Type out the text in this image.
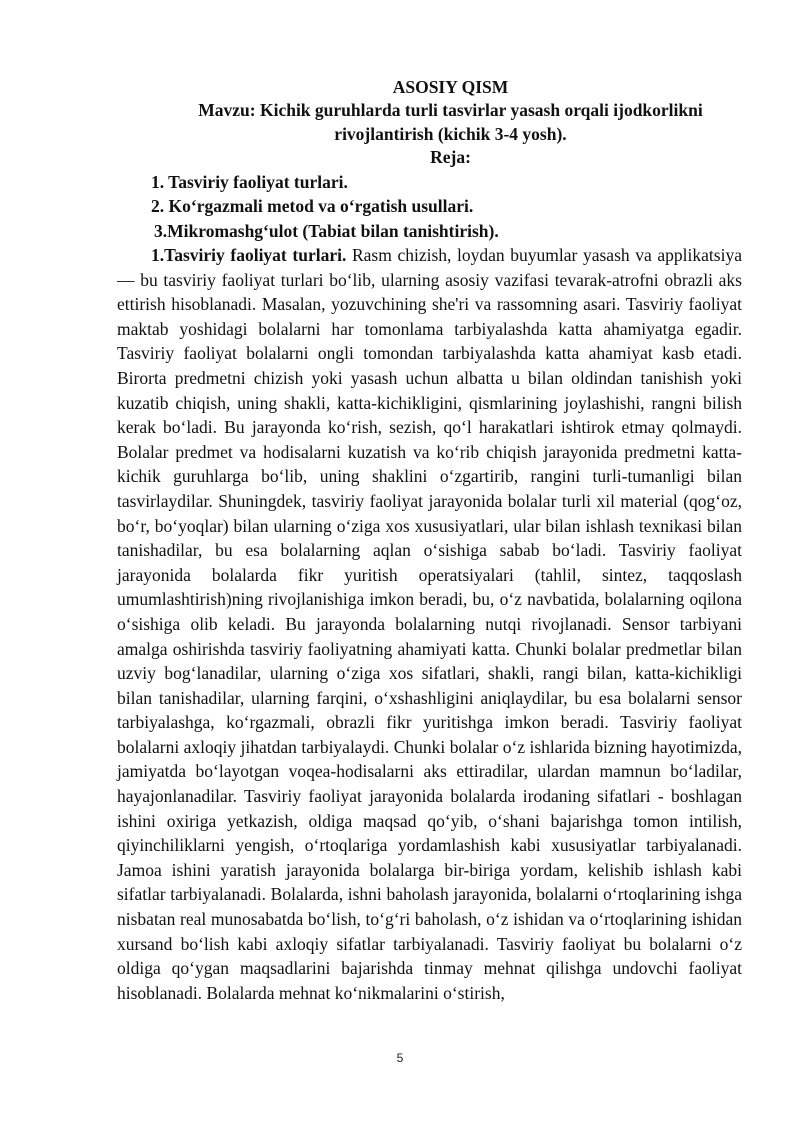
ASOSIY QISM

Mavzu: Kichik guruhlarda turli tasvirlar yasash orqali ijodkorlikni

rivojlantirish (kichik 3-4 yosh).

Reja:

1. Tasviriy faoliyat turlari.

2. Koʻrgazmali metod va oʻrgatish usullari.

3.Mikromashgʻulot (Tabiat bilan tanishtirish).

1.Tasviriy faoliyat turlari. Rasm chizish, loydan buyumlar yasash va applikatsiya — bu tasviriy faoliyat turlari boʻlib, ularning asosiy vazifasi tevarak-atrofni obrazli aks ettirish hisoblanadi. Masalan, yozuvchining she'ri va rassomning asari. Tasviriy faoliyat maktab yoshidagi bolalarni har tomonlama tarbiyalashda katta ahamiyatga egadir. Tasviriy faoliyat bolalarni ongli tomondan tarbiyalashda katta ahamiyat kasb etadi. Birorta predmetni chizish yoki yasash uchun albatta u bilan oldindan tanishish yoki kuzatib chiqish, uning shakli, katta-kichikligini, qismlarining joylashishi, rangni bilish kerak boʻladi. Bu jarayonda koʻrish, sezish, qoʻl harakatlari ishtirok etmay qolmaydi. Bolalar predmet va hodisalarni kuzatish va koʻrib chiqish jarayonida predmetni katta-kichik guruhlarga boʻlib, uning shaklini oʻzgartirib, rangini turli-tumanligi bilan tasvirlaydilar. Shuningdek, tasviriy faoliyat jarayonida bolalar turli xil material (qogʻoz, boʻr, boʻyoqlar) bilan ularning oʻziga xos xususiyatlari, ular bilan ishlash texnikasi bilan tanishadilar, bu esa bolalarning aqlan oʻsishiga sabab boʻladi. Tasviriy faoliyat jarayonida bolalarda fikr yuritish operatsiyalari (tahlil, sintez, taqqoslash umumlashtirish)ning rivojlanishiga imkon beradi, bu, oʻz navbatida, bolalarning oqilona oʻsishiga olib keladi. Bu jarayonda bolalarning nutqi rivojlanadi. Sensor tarbiyani amalga oshirishda tasviriy faoliyatning ahamiyati katta. Chunki bolalar predmetlar bilan uzviy bogʻlanadilar, ularning oʻziga xos sifatlari, shakli, rangi bilan, katta-kichikligi bilan tanishadilar, ularning farqini, oʻxshashligini aniqlaydilar, bu esa bolalarni sensor tarbiyalashga, koʻrgazmali, obrazli fikr yuritishga imkon beradi. Tasviriy faoliyat bolalarni axloqiy jihatdan tarbiyalaydi. Chunki bolalar oʻz ishlarida bizning hayotimizda, jamiyatda boʻlayotgan voqea-hodisalarni aks ettiradilar, ulardan mamnun boʻladilar, hayajonlanadilar. Tasviriy faoliyat jarayonida bolalarda irodaning sifatlari - boshlagan ishini oxiriga yetkazish, oldiga maqsad qoʻyib, oʻshani bajarishga tomon intilish, qiyinchiliklarni yengish, oʻrtoqlariga yordamlashish kabi xususiyatlar tarbiyalanadi. Jamoa ishini yaratish jarayonida bolalarga bir-biriga yordam, kelishib ishlash kabi sifatlar tarbiyalanadi. Bolalarda, ishni baholash jarayonida, bolalarni oʻrtoqlarining ishga nisbatan real munosabatda boʻlish, toʻgʻri baholash, oʻz ishidan va oʻrtoqlarining ishidan xursand boʻlish kabi axloqiy sifatlar tarbiyalanadi. Tasviriy faoliyat bu bolalarni oʻz oldiga qoʻygan maqsadlarini bajarishda tinmay mehnat qilishga undovchi faoliyat hisoblanadi. Bolalarda mehnat koʻnikmalarini oʻstirish,

5
